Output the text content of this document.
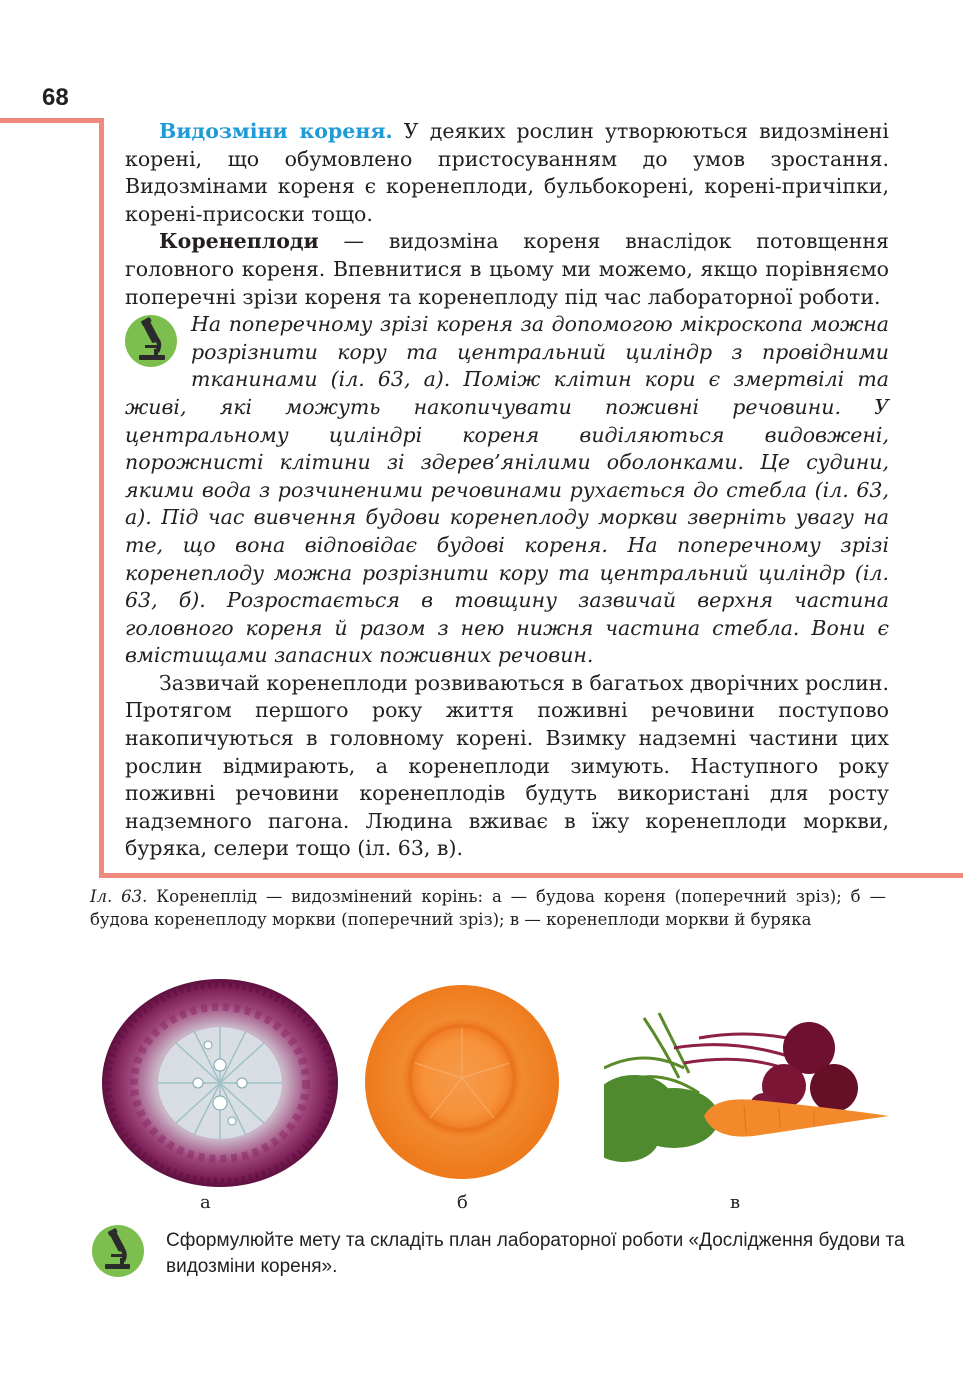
68

Видозміни кореня. У деяких рослин утворюються видозмінені корені, що обумовлено пристосуванням до умов зростання. Видозмінами кореня є коренеплоди, бульбокорені, корені-причіпки, корені-присоски тощо.

Коренеплоди — видозміна кореня внаслідок потовщення головного кореня. Впевнитися в цьому ми можемо, якщо порівняємо поперечні зрізи кореня та коренеплоду під час лабораторної роботи.

На поперечному зрізі кореня за допомогою мікроскопа можна розрізнити кору та центральний циліндр з провідними тканинами (іл. 63, а). Поміж клітин кори є змертвілі та живі, які можуть накопичувати поживні речовини. У центральному циліндрі кореня виділяються видовжені, порожнисті клітини зі здерев’янілими оболонками. Це судини, якими вода з розчиненими речовинами рухається до стебла (іл. 63, а). Під час вивчення будови коренеплоду моркви зверніть увагу на те, що вона відповідає будові кореня. На поперечному зрізі коренеплоду можна розрізнити кору та центральний циліндр (іл. 63, б). Розростається в товщину зазвичай верхня частина головного кореня й разом з нею нижня частина стебла. Вони є вмістищами запасних поживних речовин.

Зазвичай коренеплоди розвиваються в багатьох дворічних рослин. Протягом першого року життя поживні речовини поступово накопичуються в головному корені. Взимку надземні частини цих рослин відмирають, а коренеплоди зимують. Наступного року поживні речовини коренеплодів будуть використані для росту надземного пагона. Людина вживає в їжу коренеплоди моркви, буряка, селери тощо (іл. 63, в).

Іл. 63. Коренеплід — видозмінений корінь: а — будова кореня (поперечний зріз); б — будова коренеплоду моркви (поперечний зріз); в — коренеплоди моркви й буряка
а	б	в
Сформулюйте мету та складіть план лабораторної роботи «Дослідження будови та видозміни кореня».
